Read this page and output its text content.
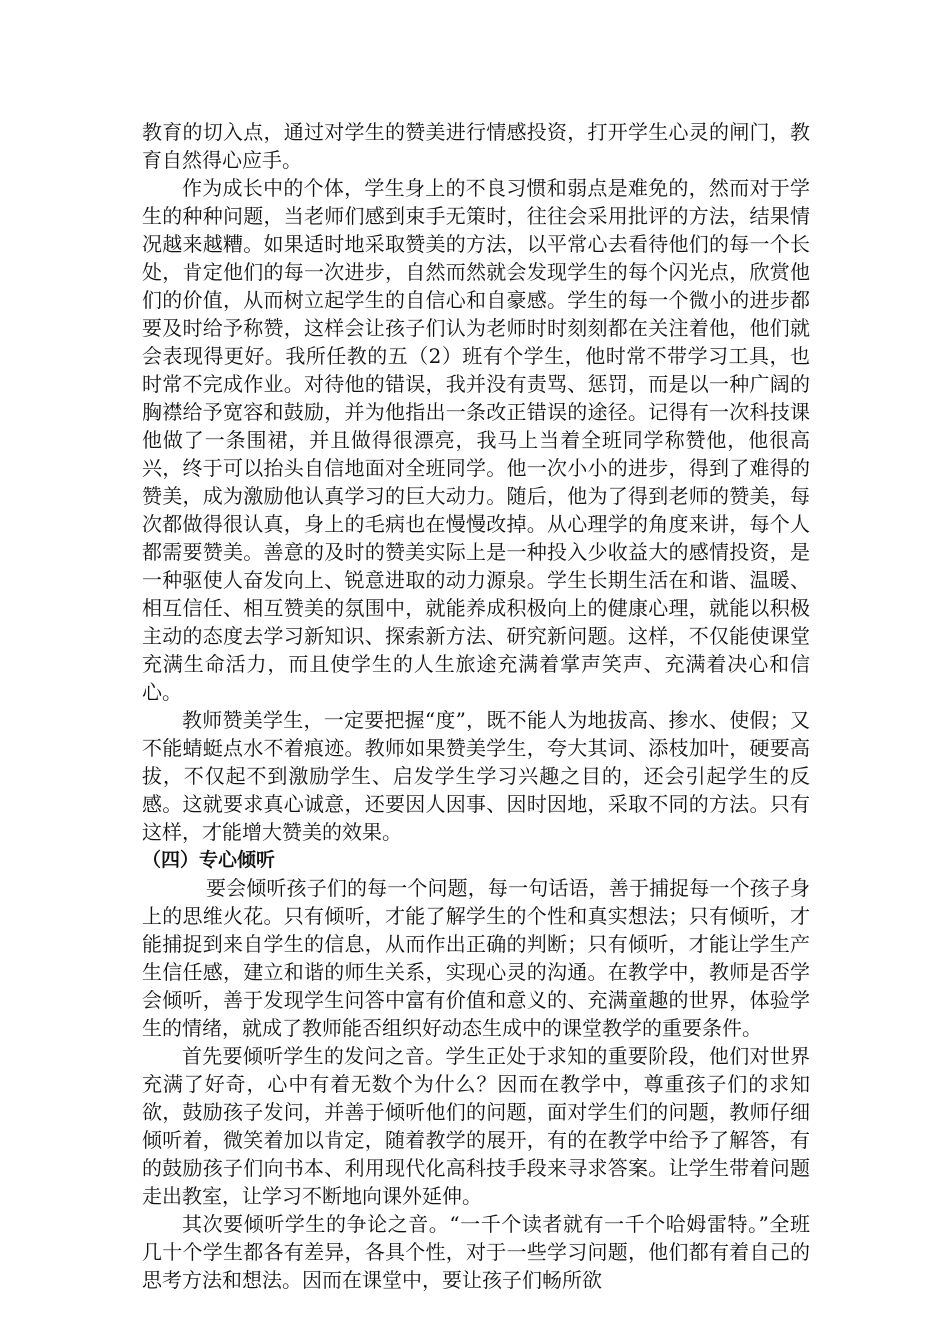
教育的切入点，通过对学生的赞美进行情感投资，打开学生心灵的闸门，教育自然得心应手。

作为成长中的个体，学生身上的不良习惯和弱点是难免的，然而对于学生的种种问题，当老师们感到束手无策时，往往会采用批评的方法，结果情况越来越糟。如果适时地采取赞美的方法，以平常心去看待他们的每一个长处，肯定他们的每一次进步，自然而然就会发现学生的每个闪光点，欣赏他们的价值，从而树立起学生的自信心和自豪感。学生的每一个微小的进步都要及时给予称赞，这样会让孩子们认为老师时时刻刻都在关注着他，他们就会表现得更好。我所任教的五（2）班有个学生，他时常不带学习工具，也时常不完成作业。对待他的错误，我并没有责骂、惩罚，而是以一种广阔的胸襟给予宽容和鼓励，并为他指出一条改正错误的途径。记得有一次科技课他做了一条围裙，并且做得很漂亮，我马上当着全班同学称赞他，他很高兴，终于可以抬头自信地面对全班同学。他一次小小的进步，得到了难得的赞美，成为激励他认真学习的巨大动力。随后，他为了得到老师的赞美，每次都做得很认真，身上的毛病也在慢慢改掉。从心理学的角度来讲，每个人都需要赞美。善意的及时的赞美实际上是一种投入少收益大的感情投资，是一种驱使人奋发向上、锐意进取的动力源泉。学生长期生活在和谐、温暖、相互信任、相互赞美的氛围中，就能养成积极向上的健康心理，就能以积极主动的态度去学习新知识、探索新方法、研究新问题。这样，不仅能使课堂充满生命活力，而且使学生的人生旅途充满着掌声笑声、充满着决心和信心。

教师赞美学生，一定要把握“度”，既不能人为地拔高、掺水、使假；又不能蜻蜓点水不着痕迹。教师如果赞美学生，夸大其词、添枝加叶，硬要高拔，不仅起不到激励学生、启发学生学习兴趣之目的，还会引起学生的反感。这就要求真心诚意，还要因人因事、因时因地，采取不同的方法。只有这样，才能增大赞美的效果。

（四）专心倾听

要会倾听孩子们的每一个问题，每一句话语，善于捕捉每一个孩子身上的思维火花。只有倾听，才能了解学生的个性和真实想法；只有倾听，才能捕捉到来自学生的信息，从而作出正确的判断；只有倾听，才能让学生产生信任感，建立和谐的师生关系，实现心灵的沟通。在教学中，教师是否学会倾听，善于发现学生问答中富有价值和意义的、充满童趣的世界，体验学生的情绪，就成了教师能否组织好动态生成中的课堂教学的重要条件。

首先要倾听学生的发问之音。学生正处于求知的重要阶段，他们对世界充满了好奇，心中有着无数个为什么？因而在教学中，尊重孩子们的求知欲，鼓励孩子发问，并善于倾听他们的问题，面对学生们的问题，教师仔细倾听着，微笑着加以肯定，随着教学的展开，有的在教学中给予了解答，有的鼓励孩子们向书本、利用现代化高科技手段来寻求答案。让学生带着问题走出教室，让学习不断地向课外延伸。

其次要倾听学生的争论之音。“一千个读者就有一千个哈姆雷特。”全班几十个学生都各有差异，各具个性，对于一些学习问题，他们都有着自己的思考方法和想法。因而在课堂中，要让孩子们畅所欲
